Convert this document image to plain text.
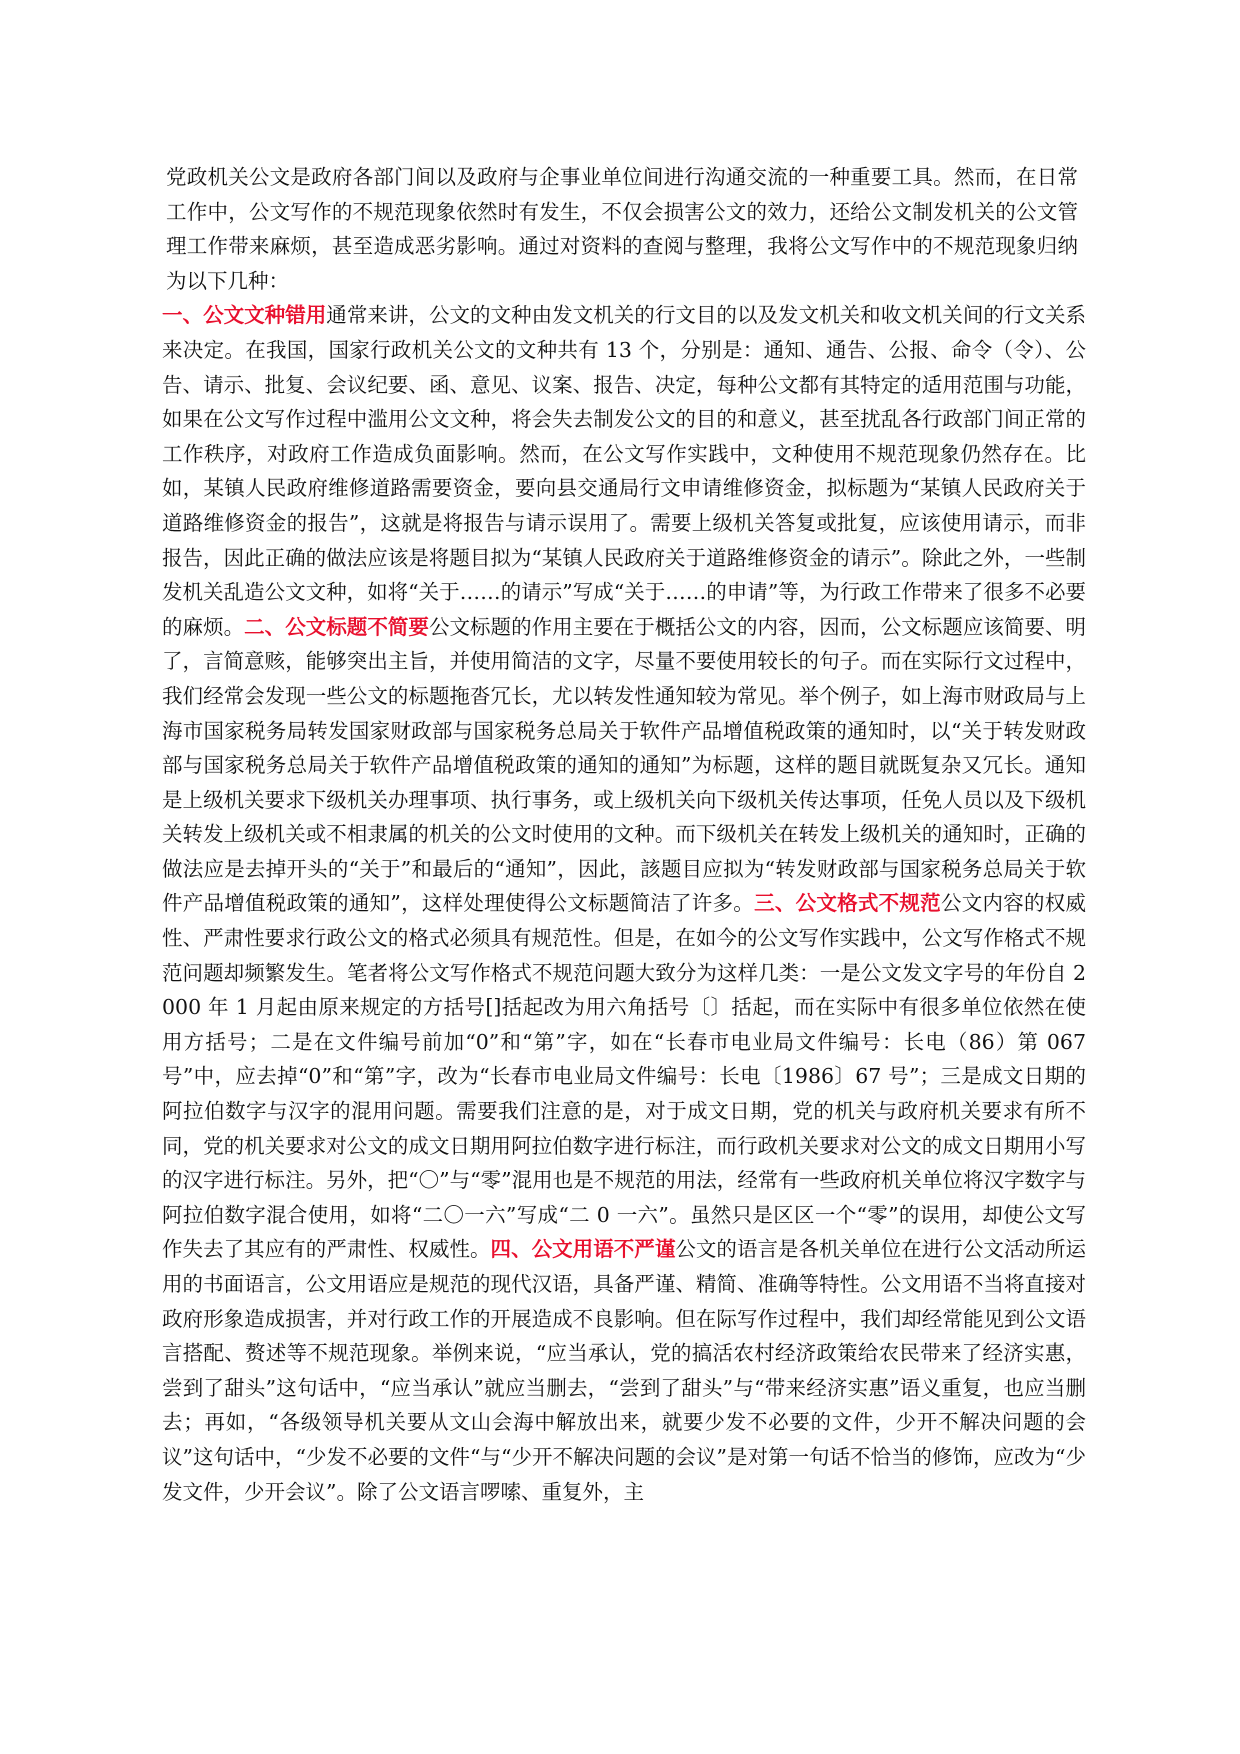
党政机关公文是政府各部门间以及政府与企事业单位间进行沟通交流的一种重要工具。然而，在日常工作中，公文写作的不规范现象依然时有发生，不仅会损害公文的效力，还给公文制发机关的公文管理工作带来麻烦，甚至造成恶劣影响。通过对资料的查阅与整理，我将公文写作中的不规范现象归纳为以下几种：

一、公文文种错用通常来讲，公文的文种由发文机关的行文目的以及发文机关和收文机关间的行文关系来决定。在我国，国家行政机关公文的文种共有 13 个，分别是：通知、通告、公报、命令（令）、公告、请示、批复、会议纪要、函、意见、议案、报告、决定，每种公文都有其特定的适用范围与功能，如果在公文写作过程中滥用公文文种，将会失去制发公文的目的和意义，甚至扰乱各行政部门间正常的工作秩序，对政府工作造成负面影响。然而，在公文写作实践中，文种使用不规范现象仍然存在。比如，某镇人民政府维修道路需要资金，要向县交通局行文申请维修资金，拟标题为“某镇人民政府关于道路维修资金的报告”，这就是将报告与请示误用了。需要上级机关答复或批复，应该使用请示，而非报告，因此正确的做法应该是将题目拟为“某镇人民政府关于道路维修资金的请示”。除此之外，一些制发机关乱造公文文种，如将“关于……的请示”写成“关于……的申请”等，为行政工作带来了很多不必要的麻烦。二、公文标题不简要公文标题的作用主要在于概括公文的内容，因而，公文标题应该简要、明了，言简意赅，能够突出主旨，并使用简洁的文字，尽量不要使用较长的句子。而在实际行文过程中，我们经常会发现一些公文的标题拖沓冗长，尤以转发性通知较为常见。举个例子，如上海市财政局与上海市国家税务局转发国家财政部与国家税务总局关于软件产品增值税政策的通知时，以“关于转发财政部与国家税务总局关于软件产品增值税政策的通知的通知”为标题，这样的题目就既复杂又冗长。通知是上级机关要求下级机关办理事项、执行事务，或上级机关向下级机关传达事项，任免人员以及下级机关转发上级机关或不相隶属的机关的公文时使用的文种。而下级机关在转发上级机关的通知时，正确的做法应是去掉开头的“关于”和最后的“通知”，因此，該题目应拟为“转发财政部与国家税务总局关于软件产品增值税政策的通知”，这样处理使得公文标题简洁了许多。三、公文格式不规范公文内容的权威性、严肃性要求行政公文的格式必须具有规范性。但是，在如今的公文写作实践中，公文写作格式不规范问题却频繁发生。笔者将公文写作格式不规范问题大致分为这样几类：一是公文发文字号的年份自 2000 年 1 月起由原来规定的方括号[]括起改为用六角括号〔〕括起，而在实际中有很多单位依然在使用方括号；二是在文件编号前加“0”和“第”字，如在“长春市电业局文件编号：长电（86）第 067 号”中，应去掉“0”和“第”字，改为“长春市电业局文件编号：长电〔1986〕67 号”；三是成文日期的阿拉伯数字与汉字的混用问题。需要我们注意的是，对于成文日期，党的机关与政府机关要求有所不同，党的机关要求对公文的成文日期用阿拉伯数字进行标注，而行政机关要求对公文的成文日期用小写的汉字进行标注。另外，把“〇”与“零”混用也是不规范的用法，经常有一些政府机关单位将汉字数字与阿拉伯数字混合使用，如将“二〇一六”写成“二 0 一六”。虽然只是区区一个“零”的误用，却使公文写作失去了其应有的严肃性、权威性。四、公文用语不严谨公文的语言是各机关单位在进行公文活动所运用的书面语言，公文用语应是规范的现代汉语，具备严谨、精简、准确等特性。公文用语不当将直接对政府形象造成损害，并对行政工作的开展造成不良影响。但在际写作过程中，我们却经常能见到公文语言搭配、赘述等不规范现象。举例来说，“应当承认，党的搞活农村经济政策给农民带来了经济实惠，尝到了甜头”这句话中，“应当承认”就应当删去，“尝到了甜头”与“带来经济实惠”语义重复，也应当删去；再如，“各级领导机关要从文山会海中解放出来，就要少发不必要的文件，少开不解决问题的会议”这句话中，“少发不必要的文件“与“少开不解决问题的会议”是对第一句话不恰当的修饰，应改为“少发文件，少开会议”。除了公文语言啰嗦、重复外，主
